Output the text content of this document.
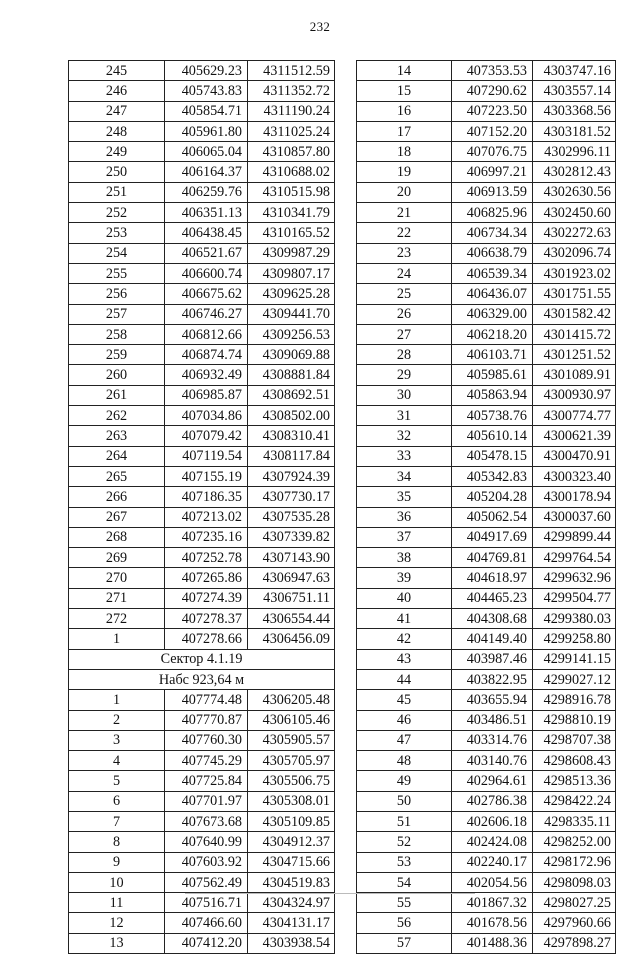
232
245	405629.23	4311512.59
246	405743.83	4311352.72
247	405854.71	4311190.24
248	405961.80	4311025.24
249	406065.04	4310857.80
250	406164.37	4310688.02
251	406259.76	4310515.98
252	406351.13	4310341.79
253	406438.45	4310165.52
254	406521.67	4309987.29
255	406600.74	4309807.17
256	406675.62	4309625.28
257	406746.27	4309441.70
258	406812.66	4309256.53
259	406874.74	4309069.88
260	406932.49	4308881.84
261	406985.87	4308692.51
262	407034.86	4308502.00
263	407079.42	4308310.41
264	407119.54	4308117.84
265	407155.19	4307924.39
266	407186.35	4307730.17
267	407213.02	4307535.28
268	407235.16	4307339.82
269	407252.78	4307143.90
270	407265.86	4306947.63
271	407274.39	4306751.11
272	407278.37	4306554.44
1	407278.66	4306456.09
Сектор 4.1.19		
Набс 923,64 м		
1	407774.48	4306205.48
2	407770.87	4306105.46
3	407760.30	4305905.57
4	407745.29	4305705.97
5	407725.84	4305506.75
6	407701.97	4305308.01
7	407673.68	4305109.85
8	407640.99	4304912.37
9	407603.92	4304715.66
10	407562.49	4304519.83
11	407516.71	4304324.97
12	407466.60	4304131.17
13	407412.20	4303938.54
14	407353.53	4303747.16
15	407290.62	4303557.14
16	407223.50	4303368.56
17	407152.20	4303181.52
18	407076.75	4302996.11
19	406997.21	4302812.43
20	406913.59	4302630.56
21	406825.96	4302450.60
22	406734.34	4302272.63
23	406638.79	4302096.74
24	406539.34	4301923.02
25	406436.07	4301751.55
26	406329.00	4301582.42
27	406218.20	4301415.72
28	406103.71	4301251.52
29	405985.61	4301089.91
30	405863.94	4300930.97
31	405738.76	4300774.77
32	405610.14	4300621.39
33	405478.15	4300470.91
34	405342.83	4300323.40
35	405204.28	4300178.94
36	405062.54	4300037.60
37	404917.69	4299899.44
38	404769.81	4299764.54
39	404618.97	4299632.96
40	404465.23	4299504.77
41	404308.68	4299380.03
42	404149.40	4299258.80
43	403987.46	4299141.15
44	403822.95	4299027.12
45	403655.94	4298916.78
46	403486.51	4298810.19
47	403314.76	4298707.38
48	403140.76	4298608.43
49	402964.61	4298513.36
50	402786.38	4298422.24
51	402606.18	4298335.11
52	402424.08	4298252.00
53	402240.17	4298172.96
54	402054.56	4298098.03
55	401867.32	4298027.25
56	401678.56	4297960.66
57	401488.36	4297898.27
